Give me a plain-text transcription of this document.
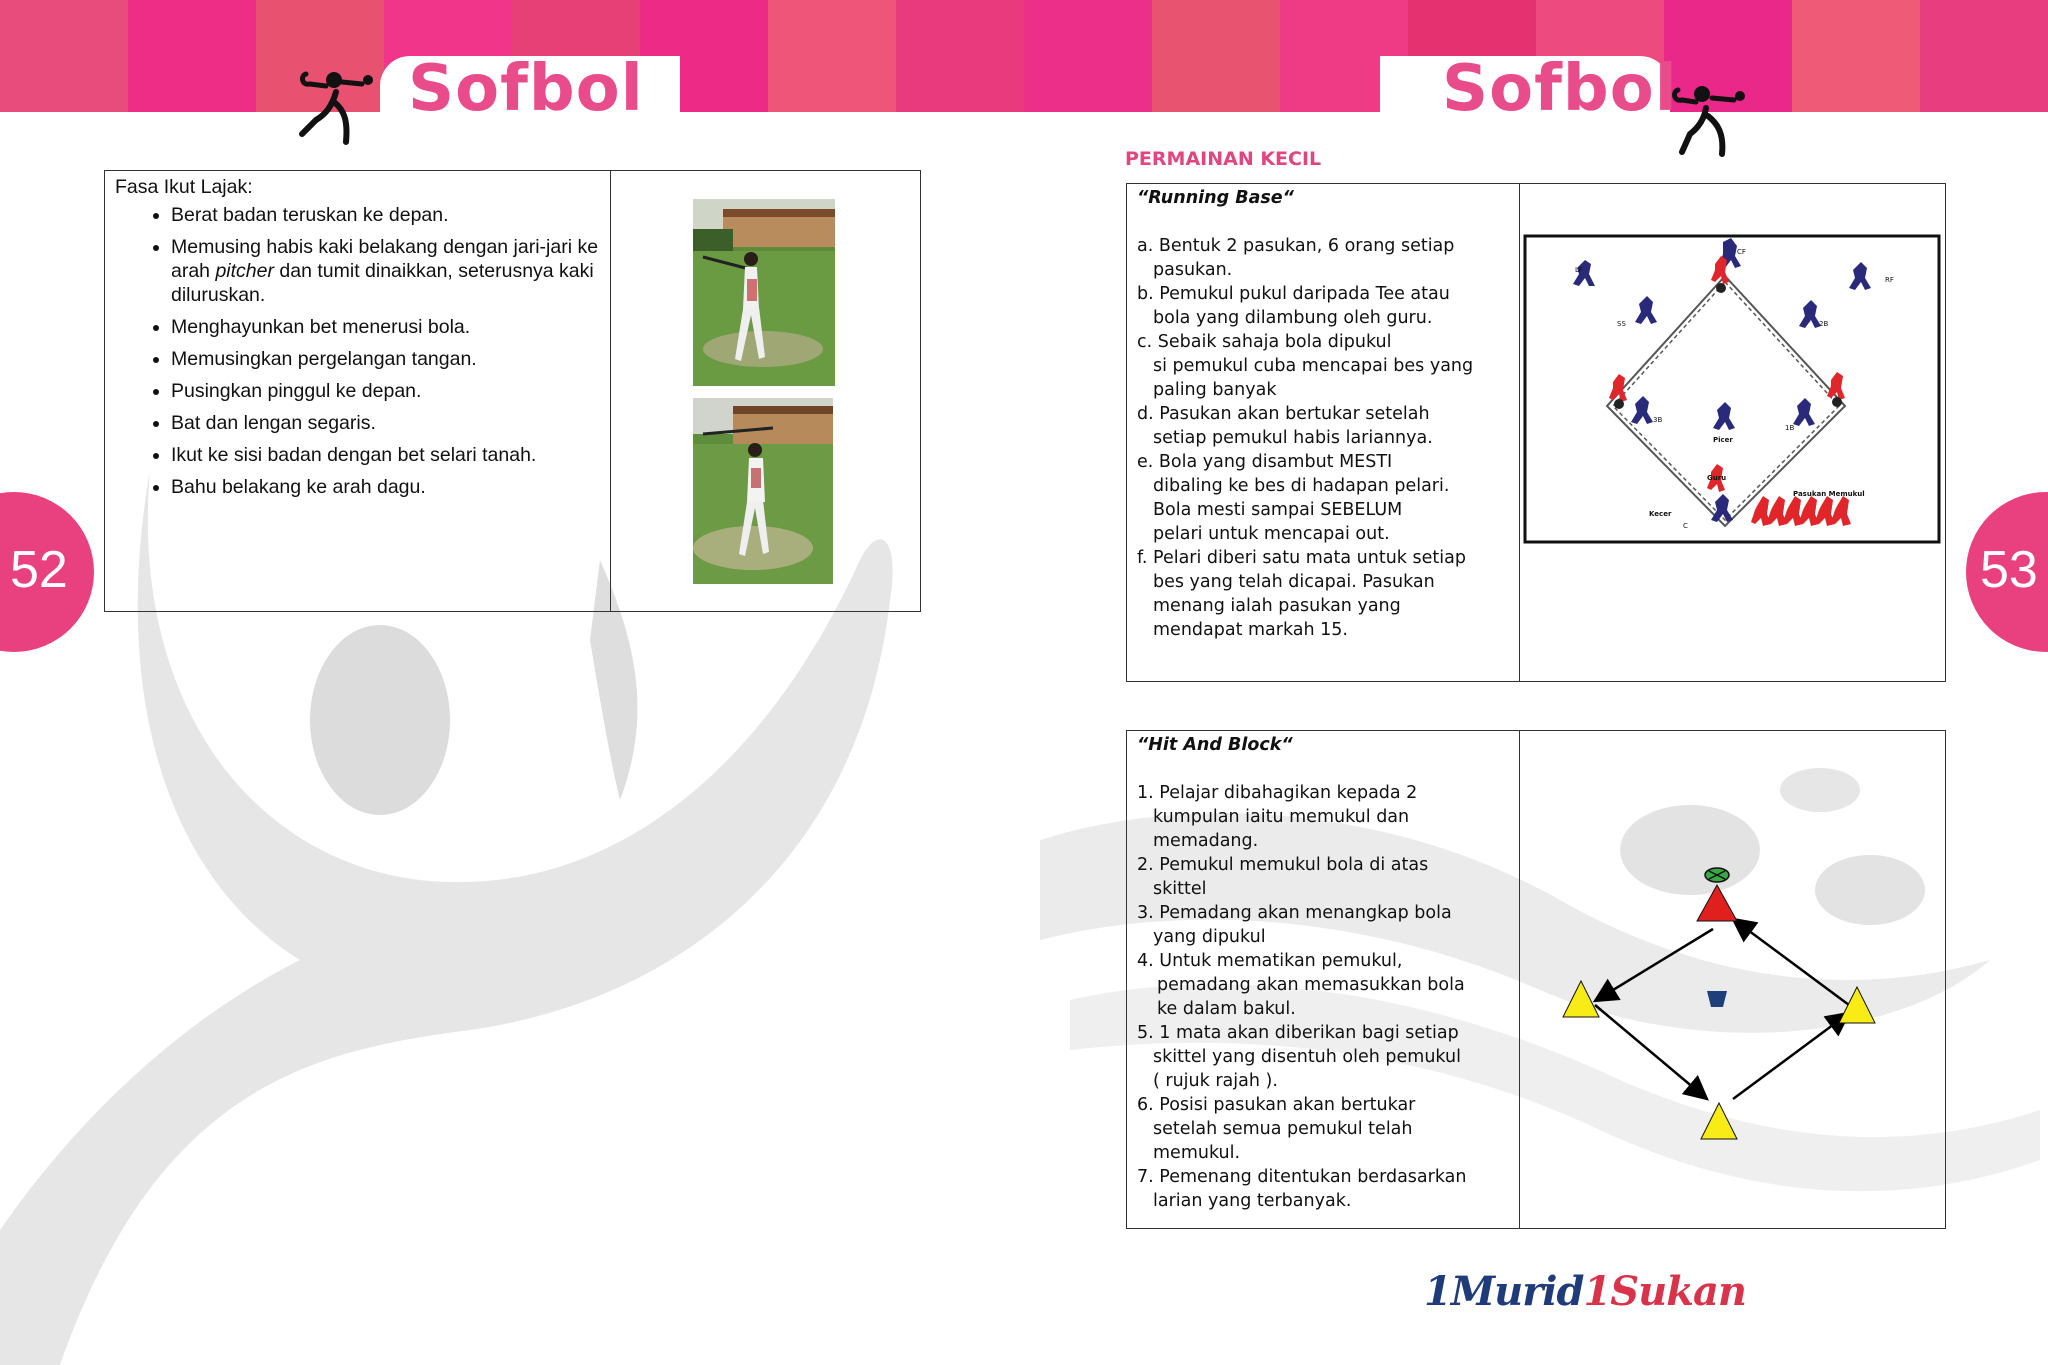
Sofbol	Sofbol
52	53
Fasa Ikut Lajak:
• Berat badan teruskan ke depan.
• Memusing habis kaki belakang dengan jari-jari ke arah pitcher dan tumit dinaikkan, seterusnya kaki diluruskan.
• Menghayunkan bet menerusi bola.
• Memusingkan pergelangan tangan.
• Pusingkan pinggul ke depan.
• Bat dan lengan segaris.
• Ikut ke sisi badan dengan bet selari tanah.
• Bahu belakang ke arah dagu.
PERMAINAN KECIL
“Running Base“
a. Bentuk 2 pasukan, 6 orang setiap
pasukan.
b. Pemukul pukul daripada Tee atau
bola yang dilambung oleh guru.
c. Sebaik sahaja bola dipukul
si pemukul cuba mencapai bes yang
paling banyak
d. Pasukan akan bertukar setelah
setiap pemukul habis lariannya.
e. Bola yang disambut MESTI
dibaling ke bes di hadapan pelari.
Bola mesti sampai SEBELUM
pelari untuk mencapai out.
f. Pelari diberi satu mata untuk setiap
bes yang telah dicapai. Pasukan
menang ialah pasukan yang
mendapat markah 15.
Picer
Guru
Kecer
Pasukan Memukul
LF
CF
RF
SS	2B
3B
1B
C
“Hit And Block“
1. Pelajar dibahagikan kepada 2
kumpulan iaitu memukul dan
memadang.
2. Pemukul memukul bola di atas
skittel
3. Pemadang akan menangkap bola
yang dipukul
4. Untuk mematikan pemukul,
pemadang akan memasukkan bola
ke dalam bakul.
5. 1 mata akan diberikan bagi setiap
skittel yang disentuh oleh pemukul
( rujuk rajah ).
6. Posisi pasukan akan bertukar
setelah semua pemukul telah
memukul.
7. Pemenang ditentukan berdasarkan
larian yang terbanyak.
1Murid1Sukan
